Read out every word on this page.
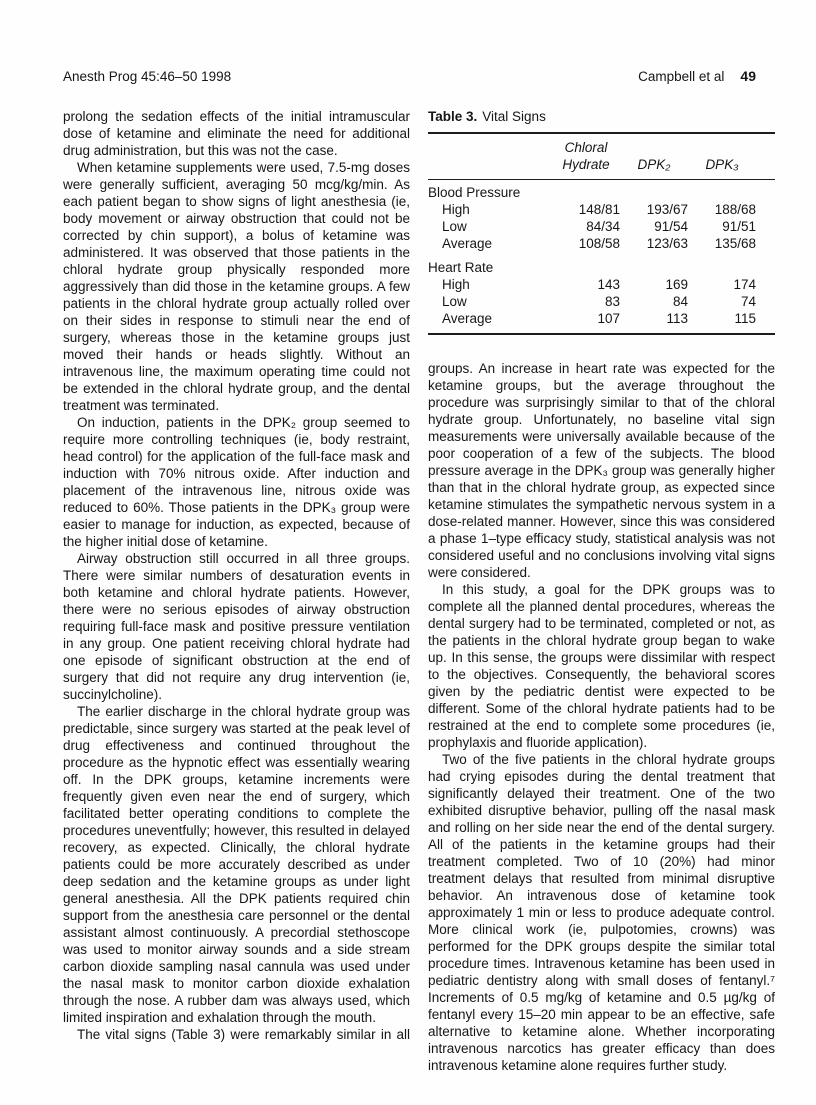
Anesth Prog 45:46–50 1998	Campbell et al 49

prolong the sedation effects of the initial intramuscular dose of ketamine and eliminate the need for additional drug administration, but this was not the case.

When ketamine supplements were used, 7.5-mg doses were generally sufficient, averaging 50 mcg/kg/min. As each patient began to show signs of light anesthesia (ie, body movement or airway obstruction that could not be corrected by chin support), a bolus of ketamine was administered. It was observed that those patients in the chloral hydrate group physically responded more aggressively than did those in the ketamine groups. A few patients in the chloral hydrate group actually rolled over on their sides in response to stimuli near the end of surgery, whereas those in the ketamine groups just moved their hands or heads slightly. Without an intravenous line, the maximum operating time could not be extended in the chloral hydrate group, and the dental treatment was terminated.

On induction, patients in the DPK₂ group seemed to require more controlling techniques (ie, body restraint, head control) for the application of the full-face mask and induction with 70% nitrous oxide. After induction and placement of the intravenous line, nitrous oxide was reduced to 60%. Those patients in the DPK₃ group were easier to manage for induction, as expected, because of the higher initial dose of ketamine.

Airway obstruction still occurred in all three groups. There were similar numbers of desaturation events in both ketamine and chloral hydrate patients. However, there were no serious episodes of airway obstruction requiring full-face mask and positive pressure ventilation in any group. One patient receiving chloral hydrate had one episode of significant obstruction at the end of surgery that did not require any drug intervention (ie, succinylcholine).

The earlier discharge in the chloral hydrate group was predictable, since surgery was started at the peak level of drug effectiveness and continued throughout the procedure as the hypnotic effect was essentially wearing off. In the DPK groups, ketamine increments were frequently given even near the end of surgery, which facilitated better operating conditions to complete the procedures uneventfully; however, this resulted in delayed recovery, as expected. Clinically, the chloral hydrate patients could be more accurately described as under deep sedation and the ketamine groups as under light general anesthesia. All the DPK patients required chin support from the anesthesia care personnel or the dental assistant almost continuously. A precordial stethoscope was used to monitor airway sounds and a side stream carbon dioxide sampling nasal cannula was used under the nasal mask to monitor carbon dioxide exhalation through the nose. A rubber dam was always used, which limited inspiration and exhalation through the mouth.

The vital signs (Table 3) were remarkably similar in all

Table 3. Vital Signs
Chloral Hydrate	DPK₂	DPK₃
Blood Pressure
High	148/81	193/67	188/68
Low	84/34	91/54	91/51
Average	108/58	123/63	135/68
Heart Rate
High	143	169	174
Low	83	84	74
Average	107	113	115

groups. An increase in heart rate was expected for the ketamine groups, but the average throughout the procedure was surprisingly similar to that of the chloral hydrate group. Unfortunately, no baseline vital sign measurements were universally available because of the poor cooperation of a few of the subjects. The blood pressure average in the DPK₃ group was generally higher than that in the chloral hydrate group, as expected since ketamine stimulates the sympathetic nervous system in a dose-related manner. However, since this was considered a phase 1–type efficacy study, statistical analysis was not considered useful and no conclusions involving vital signs were considered.

In this study, a goal for the DPK groups was to complete all the planned dental procedures, whereas the dental surgery had to be terminated, completed or not, as the patients in the chloral hydrate group began to wake up. In this sense, the groups were dissimilar with respect to the objectives. Consequently, the behavioral scores given by the pediatric dentist were expected to be different. Some of the chloral hydrate patients had to be restrained at the end to complete some procedures (ie, prophylaxis and fluoride application).

Two of the five patients in the chloral hydrate groups had crying episodes during the dental treatment that significantly delayed their treatment. One of the two exhibited disruptive behavior, pulling off the nasal mask and rolling on her side near the end of the dental surgery. All of the patients in the ketamine groups had their treatment completed. Two of 10 (20%) had minor treatment delays that resulted from minimal disruptive behavior. An intravenous dose of ketamine took approximately 1 min or less to produce adequate control. More clinical work (ie, pulpotomies, crowns) was performed for the DPK groups despite the similar total procedure times. Intravenous ketamine has been used in pediatric dentistry along with small doses of fentanyl.⁷ Increments of 0.5 mg/kg of ketamine and 0.5 µg/kg of fentanyl every 15–20 min appear to be an effective, safe alternative to ketamine alone. Whether incorporating intravenous narcotics has greater efficacy than does intravenous ketamine alone requires further study.
